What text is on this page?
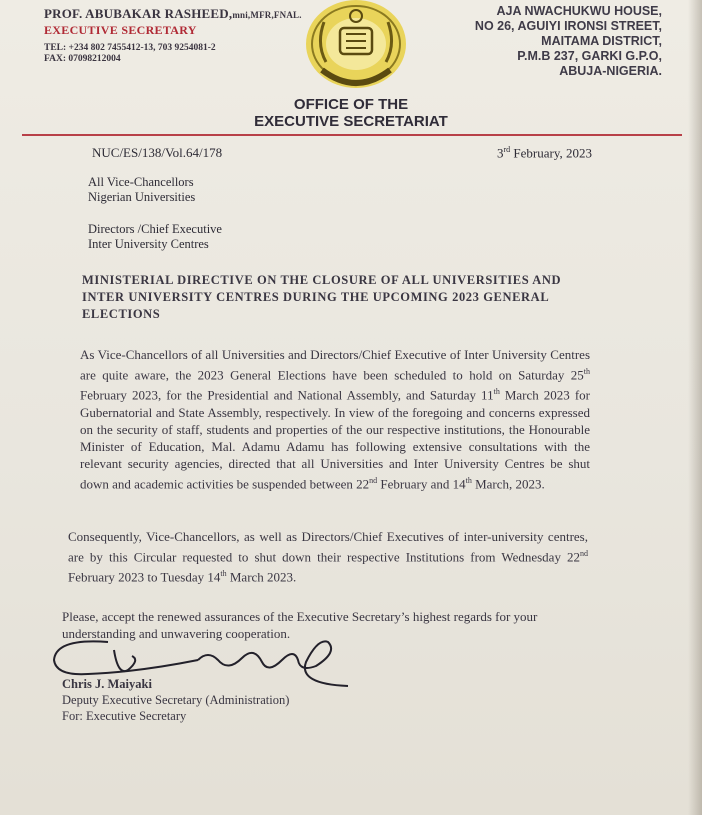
PROF. ABUBAKAR RASHEED,mni,MFR,FNAL.
EXECUTIVE SECRETARY
TEL: +234 802 7455412-13, 703 9254081-2
FAX: 07098212004
AJA NWACHUKWU HOUSE,
NO 26, AGUIYI IRONSI STREET,
MAITAMA DISTRICT,
P.M.B 237, GARKI G.P.O,
ABUJA-NIGERIA.
OFFICE OF THE
EXECUTIVE SECRETARIAT
NUC/ES/138/Vol.64/178	3rd February, 2023
All Vice-Chancellors
Nigerian Universities
Directors /Chief Executive
Inter University Centres
MINISTERIAL DIRECTIVE ON THE CLOSURE OF ALL UNIVERSITIES AND INTER UNIVERSITY CENTRES DURING THE UPCOMING 2023 GENERAL ELECTIONS
As Vice-Chancellors of all Universities and Directors/Chief Executive of Inter University Centres are quite aware, the 2023 General Elections have been scheduled to hold on Saturday 25th February 2023, for the Presidential and National Assembly, and Saturday 11th March 2023 for Gubernatorial and State Assembly, respectively. In view of the foregoing and concerns expressed on the security of staff, students and properties of the our respective institutions, the Honourable Minister of Education, Mal. Adamu Adamu has following extensive consultations with the relevant security agencies, directed that all Universities and Inter University Centres be shut down and academic activities be suspended between 22nd February and 14th March, 2023.
Consequently, Vice-Chancellors, as well as Directors/Chief Executives of inter-university centres, are by this Circular requested to shut down their respective Institutions from Wednesday 22nd February 2023 to Tuesday 14th March 2023.
Please, accept the renewed assurances of the Executive Secretary’s highest regards for your understanding and unwavering cooperation.
Chris J. Maiyaki
Deputy Executive Secretary (Administration)
For: Executive Secretary
